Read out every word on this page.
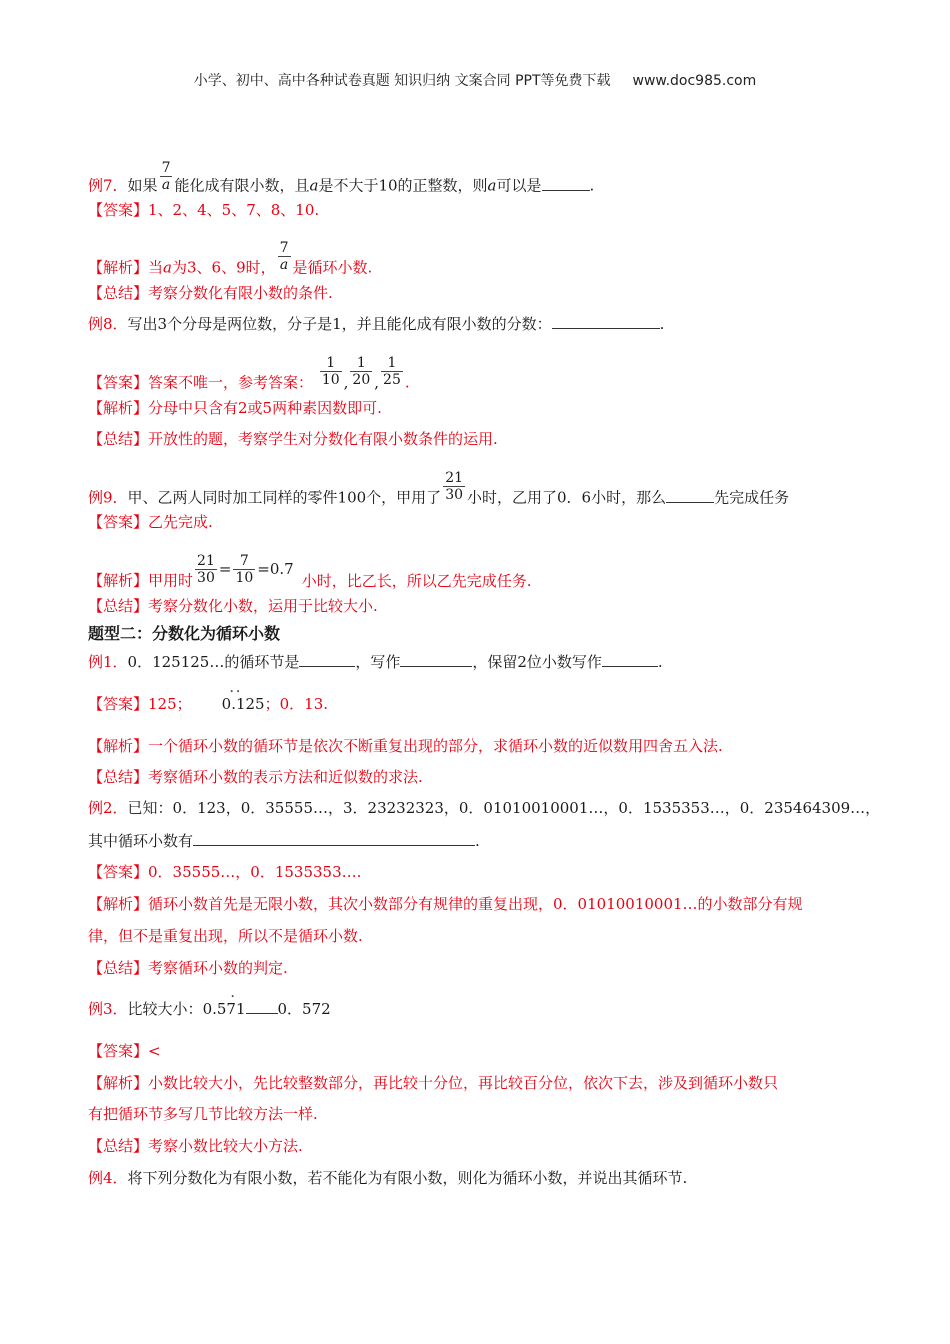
小学、初中、高中各种试卷真题 知识归纳 文案合同 PPT等免费下载 www.doc985.com
例7．如果 $\frac{7}{a}$ 能化成有限小数，且a是不大于10的正整数，则a可以是	.
【答案】1、2、4、5、7、8、10.
【解析】当a为3、6、9时， $\frac{7}{a}$ 是循环小数.
【总结】考察分数化有限小数的条件.
例8．写出3个分母是两位数，分子是1，并且能化成有限小数的分数：	.
【答案】答案不唯一，参考答案： $\frac{1}{10}$ , $\frac{1}{20}$ , $\frac{1}{25}$ .
【解析】分母中只含有2或5两种素因数即可.
【总结】开放性的题，考察学生对分数化有限小数条件的运用.
例9．甲、乙两人同时加工同样的零件100个，甲用了 $\frac{21}{30}$ 小时，乙用了0．6小时，那么	先完成任务
【答案】乙先完成.
【解析】甲用时 $\frac{21}{30} = \frac{7}{10} =0.7$小时，比乙长，所以乙先完成任务.
【总结】考察分数化小数，运用于比较大小.
题型二：分数化为循环小数
例1．0．125125…的循环节是	，写作	，保留2位小数写作	.
【答案】125；
• •
0.125；0．13.
【解析】一个循环小数的循环节是依次不断重复出现的部分，求循环小数的近似数用四舍五入法.
【总结】考察循环小数的表示方法和近似数的求法.
例2．已知：0．123，0．35555…，3．23232323，0．01010010001…，0．1535353…，0．235464309…，
其中循环小数有	.
【答案】0．35555…，0．1535353….
【解析】循环小数首先是无限小数，其次小数部分有规律的重复出现，0．01010010001…的小数部分有规
律，但不是重复出现，所以不是循环小数.
【总结】考察循环小数的判定.
例3．比较大小：
•
0.571 0．572
【答案】<
【解析】小数比较大小，先比较整数部分，再比较十分位，再比较百分位，依次下去，涉及到循环小数只
有把循环节多写几节比较方法一样.
【总结】考察小数比较大小方法.
例4．将下列分数化为有限小数，若不能化为有限小数，则化为循环小数，并说出其循环节.
